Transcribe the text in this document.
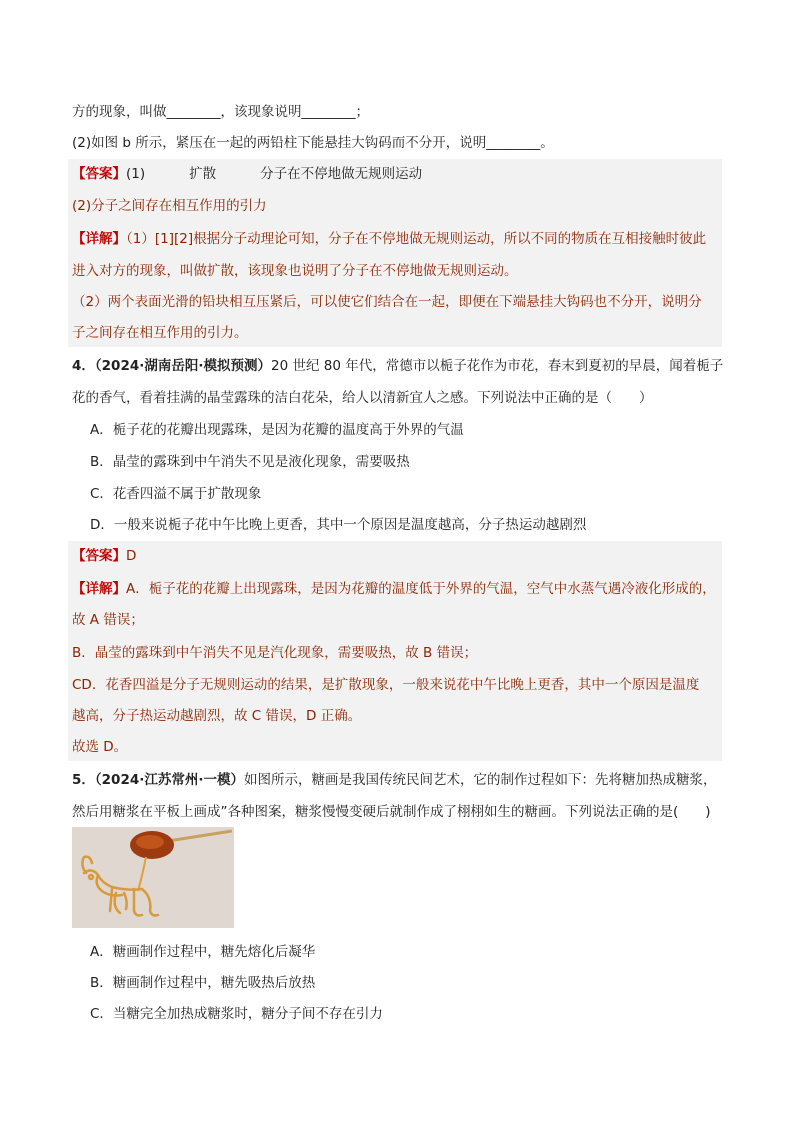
方的现象，叫做________，该现象说明________；
(2)如图 b 所示，紧压在一起的两铅柱下能悬挂大钩码而不分开，说明________。
【答案】(1)	扩散	分子在不停地做无规则运动
(2)分子之间存在相互作用的引力
【详解】（1）[1][2]根据分子动理论可知，分子在不停地做无规则运动，所以不同的物质在互相接触时彼此
进入对方的现象，叫做扩散，该现象也说明了分子在不停地做无规则运动。
（2）两个表面光滑的铅块相互压紧后，可以使它们结合在一起，即便在下端悬挂大钩码也不分开，说明分
子之间存在相互作用的引力。
4．（2024·湖南岳阳·模拟预测）20 世纪 80 年代，常德市以栀子花作为市花，春末到夏初的早晨，闻着栀子
花的香气，看着挂满的晶莹露珠的洁白花朵，给人以清新宜人之感。下列说法中正确的是（　　）
A．栀子花的花瓣出现露珠，是因为花瓣的温度高于外界的气温
B．晶莹的露珠到中午消失不见是液化现象，需要吸热
C．花香四溢不属于扩散现象
D．一般来说栀子花中午比晚上更香，其中一个原因是温度越高，分子热运动越剧烈
【答案】D
【详解】A．栀子花的花瓣上出现露珠，是因为花瓣的温度低于外界的气温，空气中水蒸气遇冷液化形成的，
故 A 错误；
B．晶莹的露珠到中午消失不见是汽化现象，需要吸热，故 B 错误；
CD．花香四溢是分子无规则运动的结果，是扩散现象，一般来说花中午比晚上更香，其中一个原因是温度
越高，分子热运动越剧烈，故 C 错误，D 正确。
故选 D。
5．（2024·江苏常州·一模）如图所示，糖画是我国传统民间艺术，它的制作过程如下：先将糖加热成糖浆，
然后用糖浆在平板上画成”各种图案，糖浆慢慢变硬后就制作成了栩栩如生的糖画。下列说法正确的是(　　)
A．糖画制作过程中，糖先熔化后凝华
B．糖画制作过程中，糖先吸热后放热
C．当糖完全加热成糖浆时，糖分子间不存在引力
